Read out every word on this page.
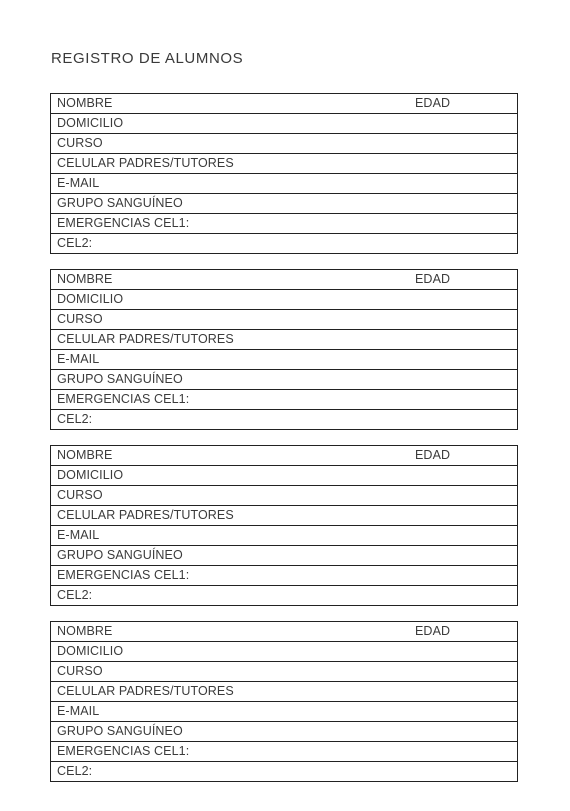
REGISTRO DE ALUMNOS
NOMBRE	EDAD
DOMICILIO
CURSO
CELULAR PADRES/TUTORES
E-MAIL
GRUPO SANGUÍNEO
EMERGENCIAS CEL1:
CEL2:
NOMBRE	EDAD
DOMICILIO
CURSO
CELULAR PADRES/TUTORES
E-MAIL
GRUPO SANGUÍNEO
EMERGENCIAS CEL1:
CEL2:
NOMBRE	EDAD
DOMICILIO
CURSO
CELULAR PADRES/TUTORES
E-MAIL
GRUPO SANGUÍNEO
EMERGENCIAS CEL1:
CEL2:
NOMBRE	EDAD
DOMICILIO
CURSO
CELULAR PADRES/TUTORES
E-MAIL
GRUPO SANGUÍNEO
EMERGENCIAS CEL1:
CEL2:
